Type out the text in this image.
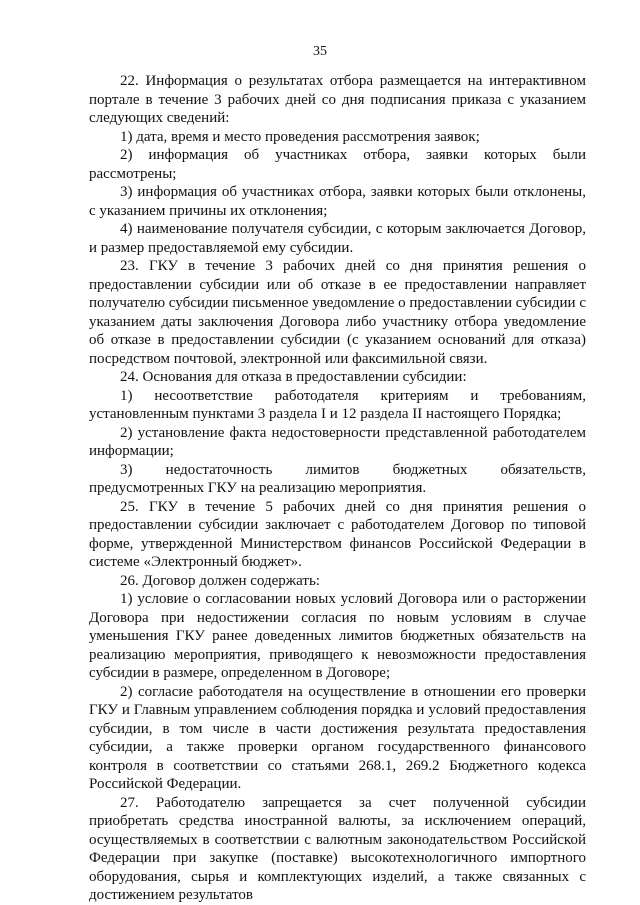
35

22. Информация о результатах отбора размещается на интерактивном портале в течение 3 рабочих дней со дня подписания приказа с указанием следующих сведений:

1) дата, время и место проведения рассмотрения заявок;

2) информация об участниках отбора, заявки которых были рассмотрены;

3) информация об участниках отбора, заявки которых были отклонены, с указанием причины их отклонения;

4) наименование получателя субсидии, с которым заключается Договор, и размер предоставляемой ему субсидии.

23. ГКУ в течение 3 рабочих дней со дня принятия решения о предоставлении субсидии или об отказе в ее предоставлении направляет получателю субсидии письменное уведомление о предоставлении субсидии с указанием даты заключения Договора либо участнику отбора уведомление об отказе в предоставлении субсидии (с указанием оснований для отказа) посредством почтовой, электронной или факсимильной связи.

24. Основания для отказа в предоставлении субсидии:

1) несоответствие работодателя критериям и требованиям, установленным пунктами 3 раздела I и 12 раздела II настоящего Порядка;

2) установление факта недостоверности представленной работодателем информации;

3) недостаточность лимитов бюджетных обязательств, предусмотренных ГКУ на реализацию мероприятия.

25. ГКУ в течение 5 рабочих дней со дня принятия решения о предоставлении субсидии заключает с работодателем Договор по типовой форме, утвержденной Министерством финансов Российской Федерации в системе «Электронный бюджет».

26. Договор должен содержать:

1) условие о согласовании новых условий Договора или о расторжении Договора при недостижении согласия по новым условиям в случае уменьшения ГКУ ранее доведенных лимитов бюджетных обязательств на реализацию мероприятия, приводящего к невозможности предоставления субсидии в размере, определенном в Договоре;

2) согласие работодателя на осуществление в отношении его проверки ГКУ и Главным управлением соблюдения порядка и условий предоставления субсидии, в том числе в части достижения результата предоставления субсидии, а также проверки органом государственного финансового контроля в соответствии со статьями 268.1, 269.2 Бюджетного кодекса Российской Федерации.

27. Работодателю запрещается за счет полученной субсидии приобретать средства иностранной валюты, за исключением операций, осуществляемых в соответствии с валютным законодательством Российской Федерации при закупке (поставке) высокотехнологичного импортного оборудования, сырья и комплектующих изделий, а также связанных с достижением результатов
